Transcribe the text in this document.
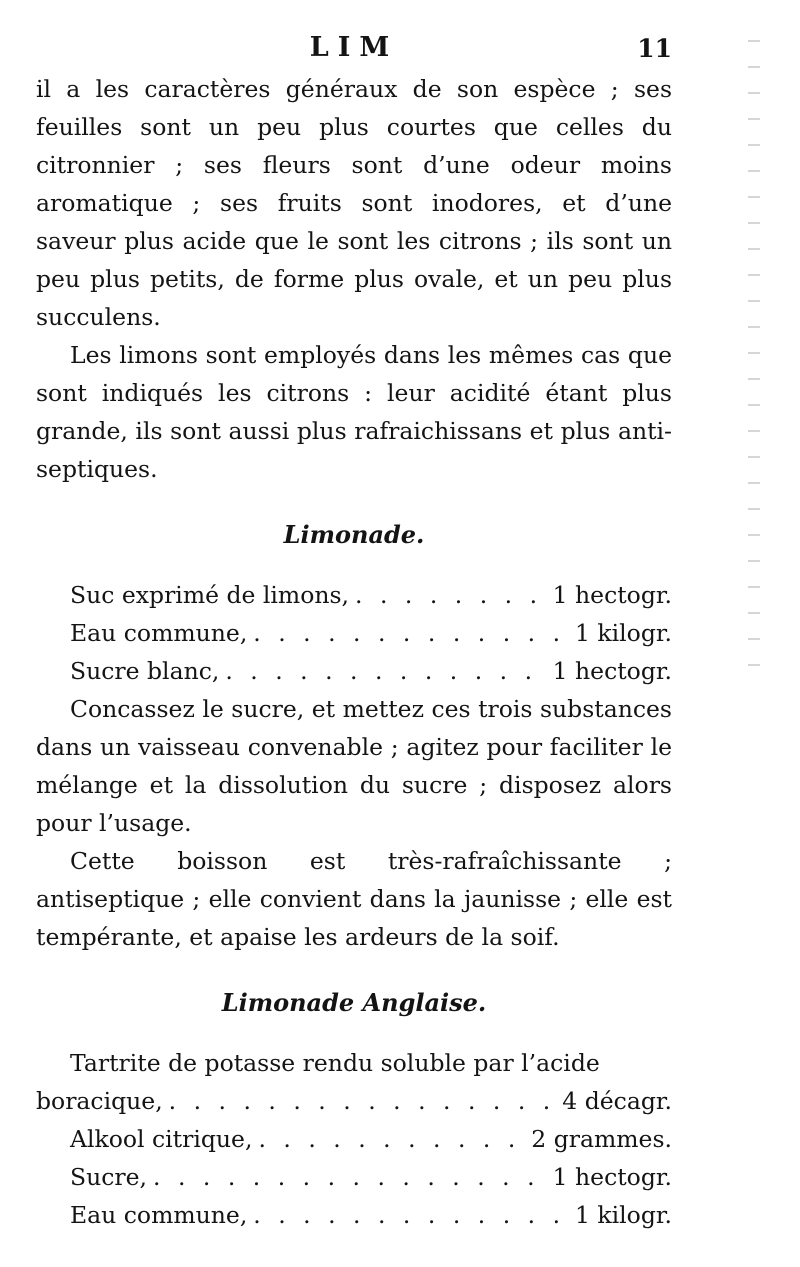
LIM	11

il a les caractères généraux de son espèce ; ses feuilles sont un peu plus courtes que celles du citronnier ; ses fleurs sont d’une odeur moins aromatique ; ses fruits sont inodores, et d’une saveur plus acide que le sont les citrons ; ils sont un peu plus petits, de forme plus ovale, et un peu plus succulens.

Les limons sont employés dans les mêmes cas que sont indiqués les citrons : leur acidité étant plus grande, ils sont aussi plus rafraichissans et plus anti-septiques.

Limonade.
Suc exprimé de limons, . . .	1 hectogr.
Eau commune, . . .	1 kilogr.
Sucre blanc, . . .	1 hectogr.

Concassez le sucre, et mettez ces trois substances dans un vaisseau convenable ; agitez pour faciliter le mélange et la dissolution du sucre ; disposez alors pour l’usage.

Cette boisson est très-rafraîchissante ; antiseptique ; elle convient dans la jaunisse ; elle est tempérante, et apaise les ardeurs de la soif.

Limonade Anglaise.

Tartrite de potasse rendu soluble par l’acide

boracique, . . .	4 décagr.
Alkool citrique, . . .	2 grammes.
Sucre, . . .	1 hectogr.
Eau commune, . . .	1 kilogr.
